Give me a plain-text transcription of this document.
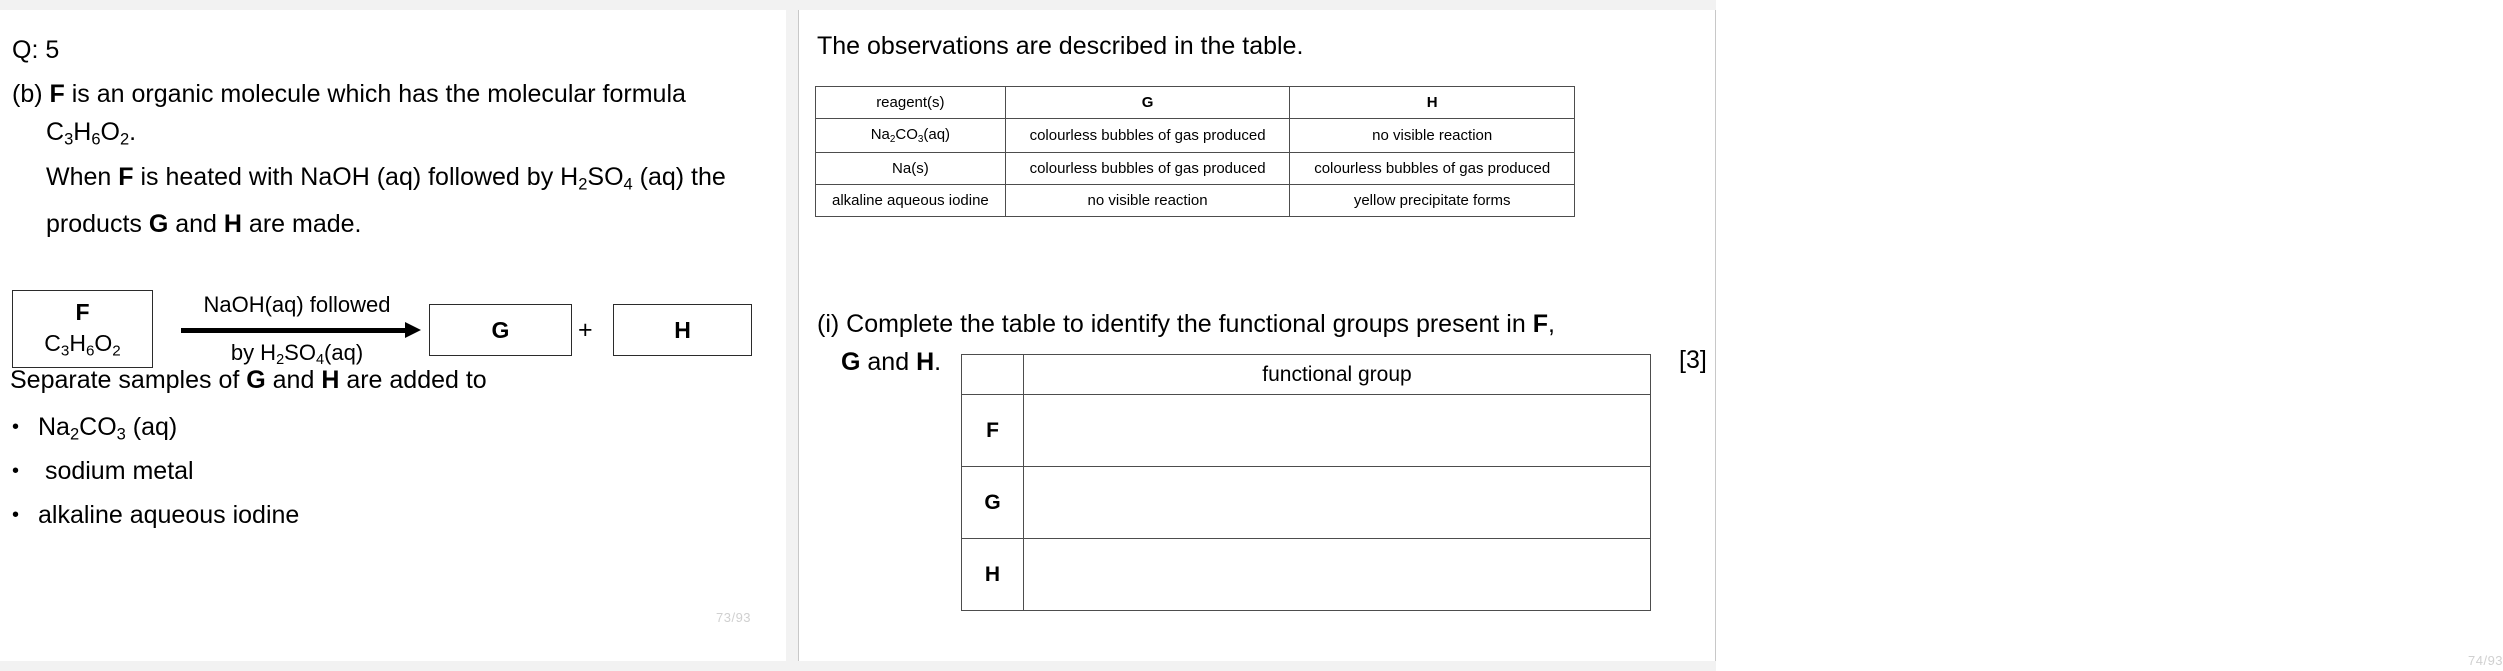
Q: 5
(b) F is an organic molecule which has the molecular formula
$C_3H_6O_2$.
When F is heated with NaOH (aq) followed by $H_2SO_4$ (aq) the
products G and H are made.
F
$C_3H_6O_2$
NaOH(aq) followed
by $H_2SO_4(aq)$
G	+	H
Separate samples of G and H are added to
• $Na_2CO_3$ (aq)
• sodium metal
• alkaline aqueous iodine
73/93
The observations are described in the table.
reagent(s)	G	H
$Na_2CO_3(aq)$	colourless bubbles of gas produced	no visible reaction
Na(s)	colourless bubbles of gas produced	colourless bubbles of gas produced
alkaline aqueous iodine	no visible reaction	yellow precipitate forms
(i) Complete the table to identify the functional groups present in F,
G and H.	[3]
	functional group
F	
G	
H	
74/93
